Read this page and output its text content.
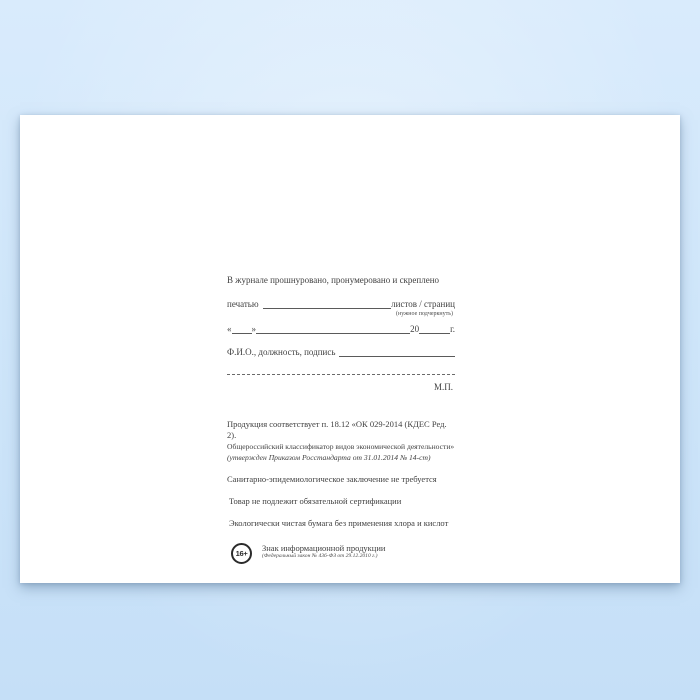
В журнале прошнуровано, пронумеровано и скреплено
печатью	листов / страниц
(нужное подчеркнуть)
« »	20	г.
Ф.И.О., должность, подпись
М.П.
Продукция соответствует п. 18.12 «ОК 029-2014 (КДЕС Ред. 2).
Общероссийский классификатор видов экономической деятельности»
(утвержден Приказом Росстандарта от 31.01.2014 № 14-ст)
Санитарно-эпидемиологическое заключение не требуется
Товар не подлежит обязательной сертификации
Экологически чистая бумага без применения хлора и кислот
16+
Знак информационной продукции
(Федеральный закон № 436-ФЗ от 29.12.2010 г.)
